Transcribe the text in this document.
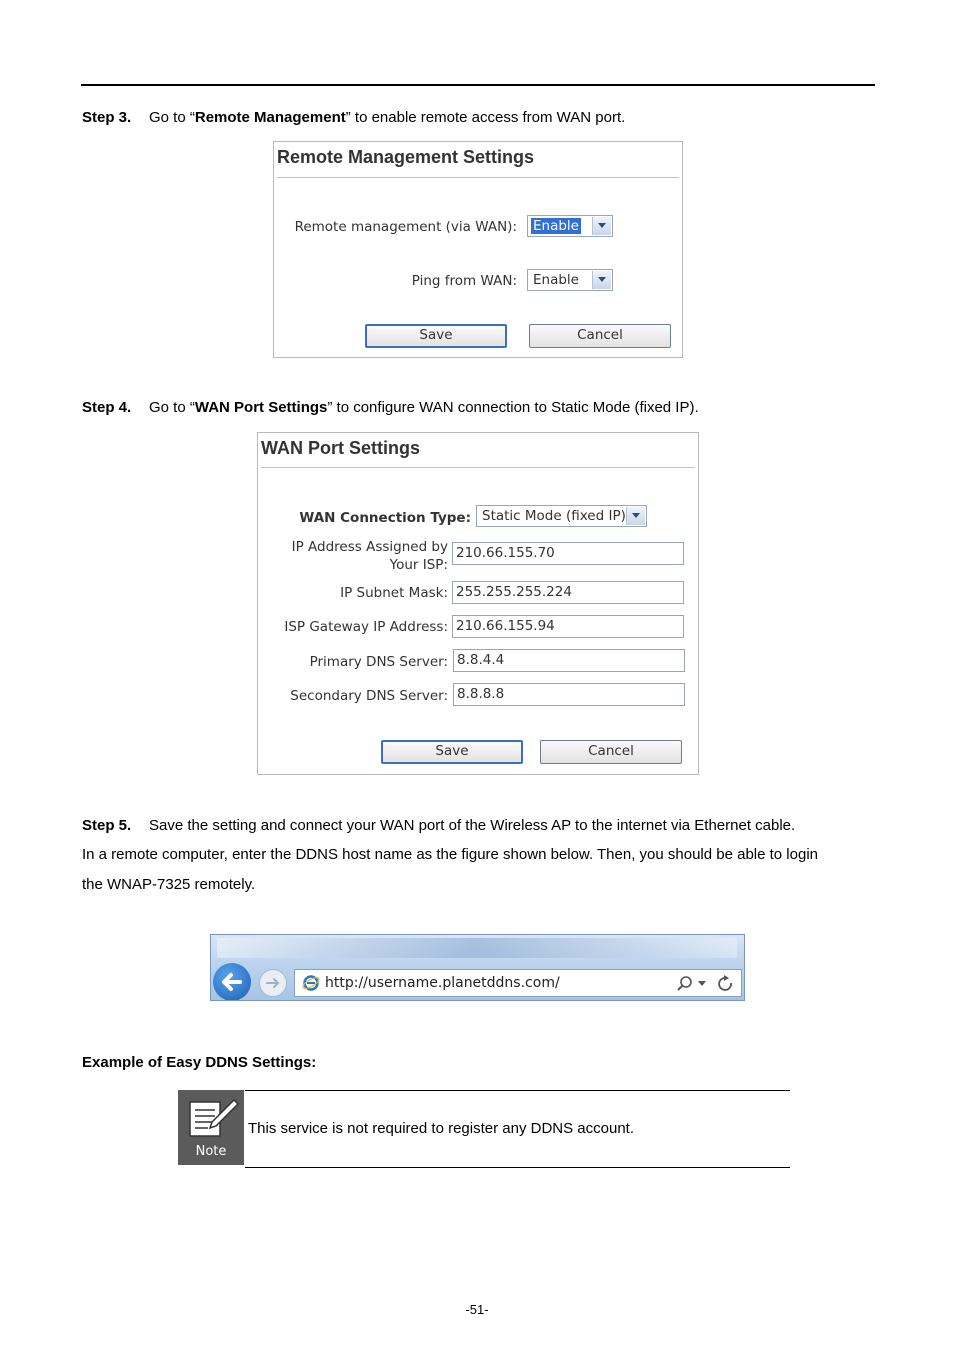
Step 3. Go to “Remote Management” to enable remote access from WAN port.
Remote Management Settings
Remote management (via WAN): Enable
Ping from WAN: Enable
Save	Cancel
Step 4. Go to “WAN Port Settings” to configure WAN connection to Static Mode (fixed IP).
WAN Port Settings
WAN Connection Type: Static Mode (fixed IP)
IP Address Assigned by
Your ISP:
210.66.155.70
IP Subnet Mask: 255.255.255.224
ISP Gateway IP Address: 210.66.155.94
Primary DNS Server: 8.8.4.4
Secondary DNS Server: 8.8.8.8
Save	Cancel
Step 5. Save the setting and connect your WAN port of the Wireless AP to the internet via Ethernet cable.
In a remote computer, enter the DDNS host name as the figure shown below. Then, you should be able to login
the WNAP-7325 remotely.
http://username.planetddns.com/
Example of Easy DDNS Settings:
Note
This service is not required to register any DDNS account.
-51-
